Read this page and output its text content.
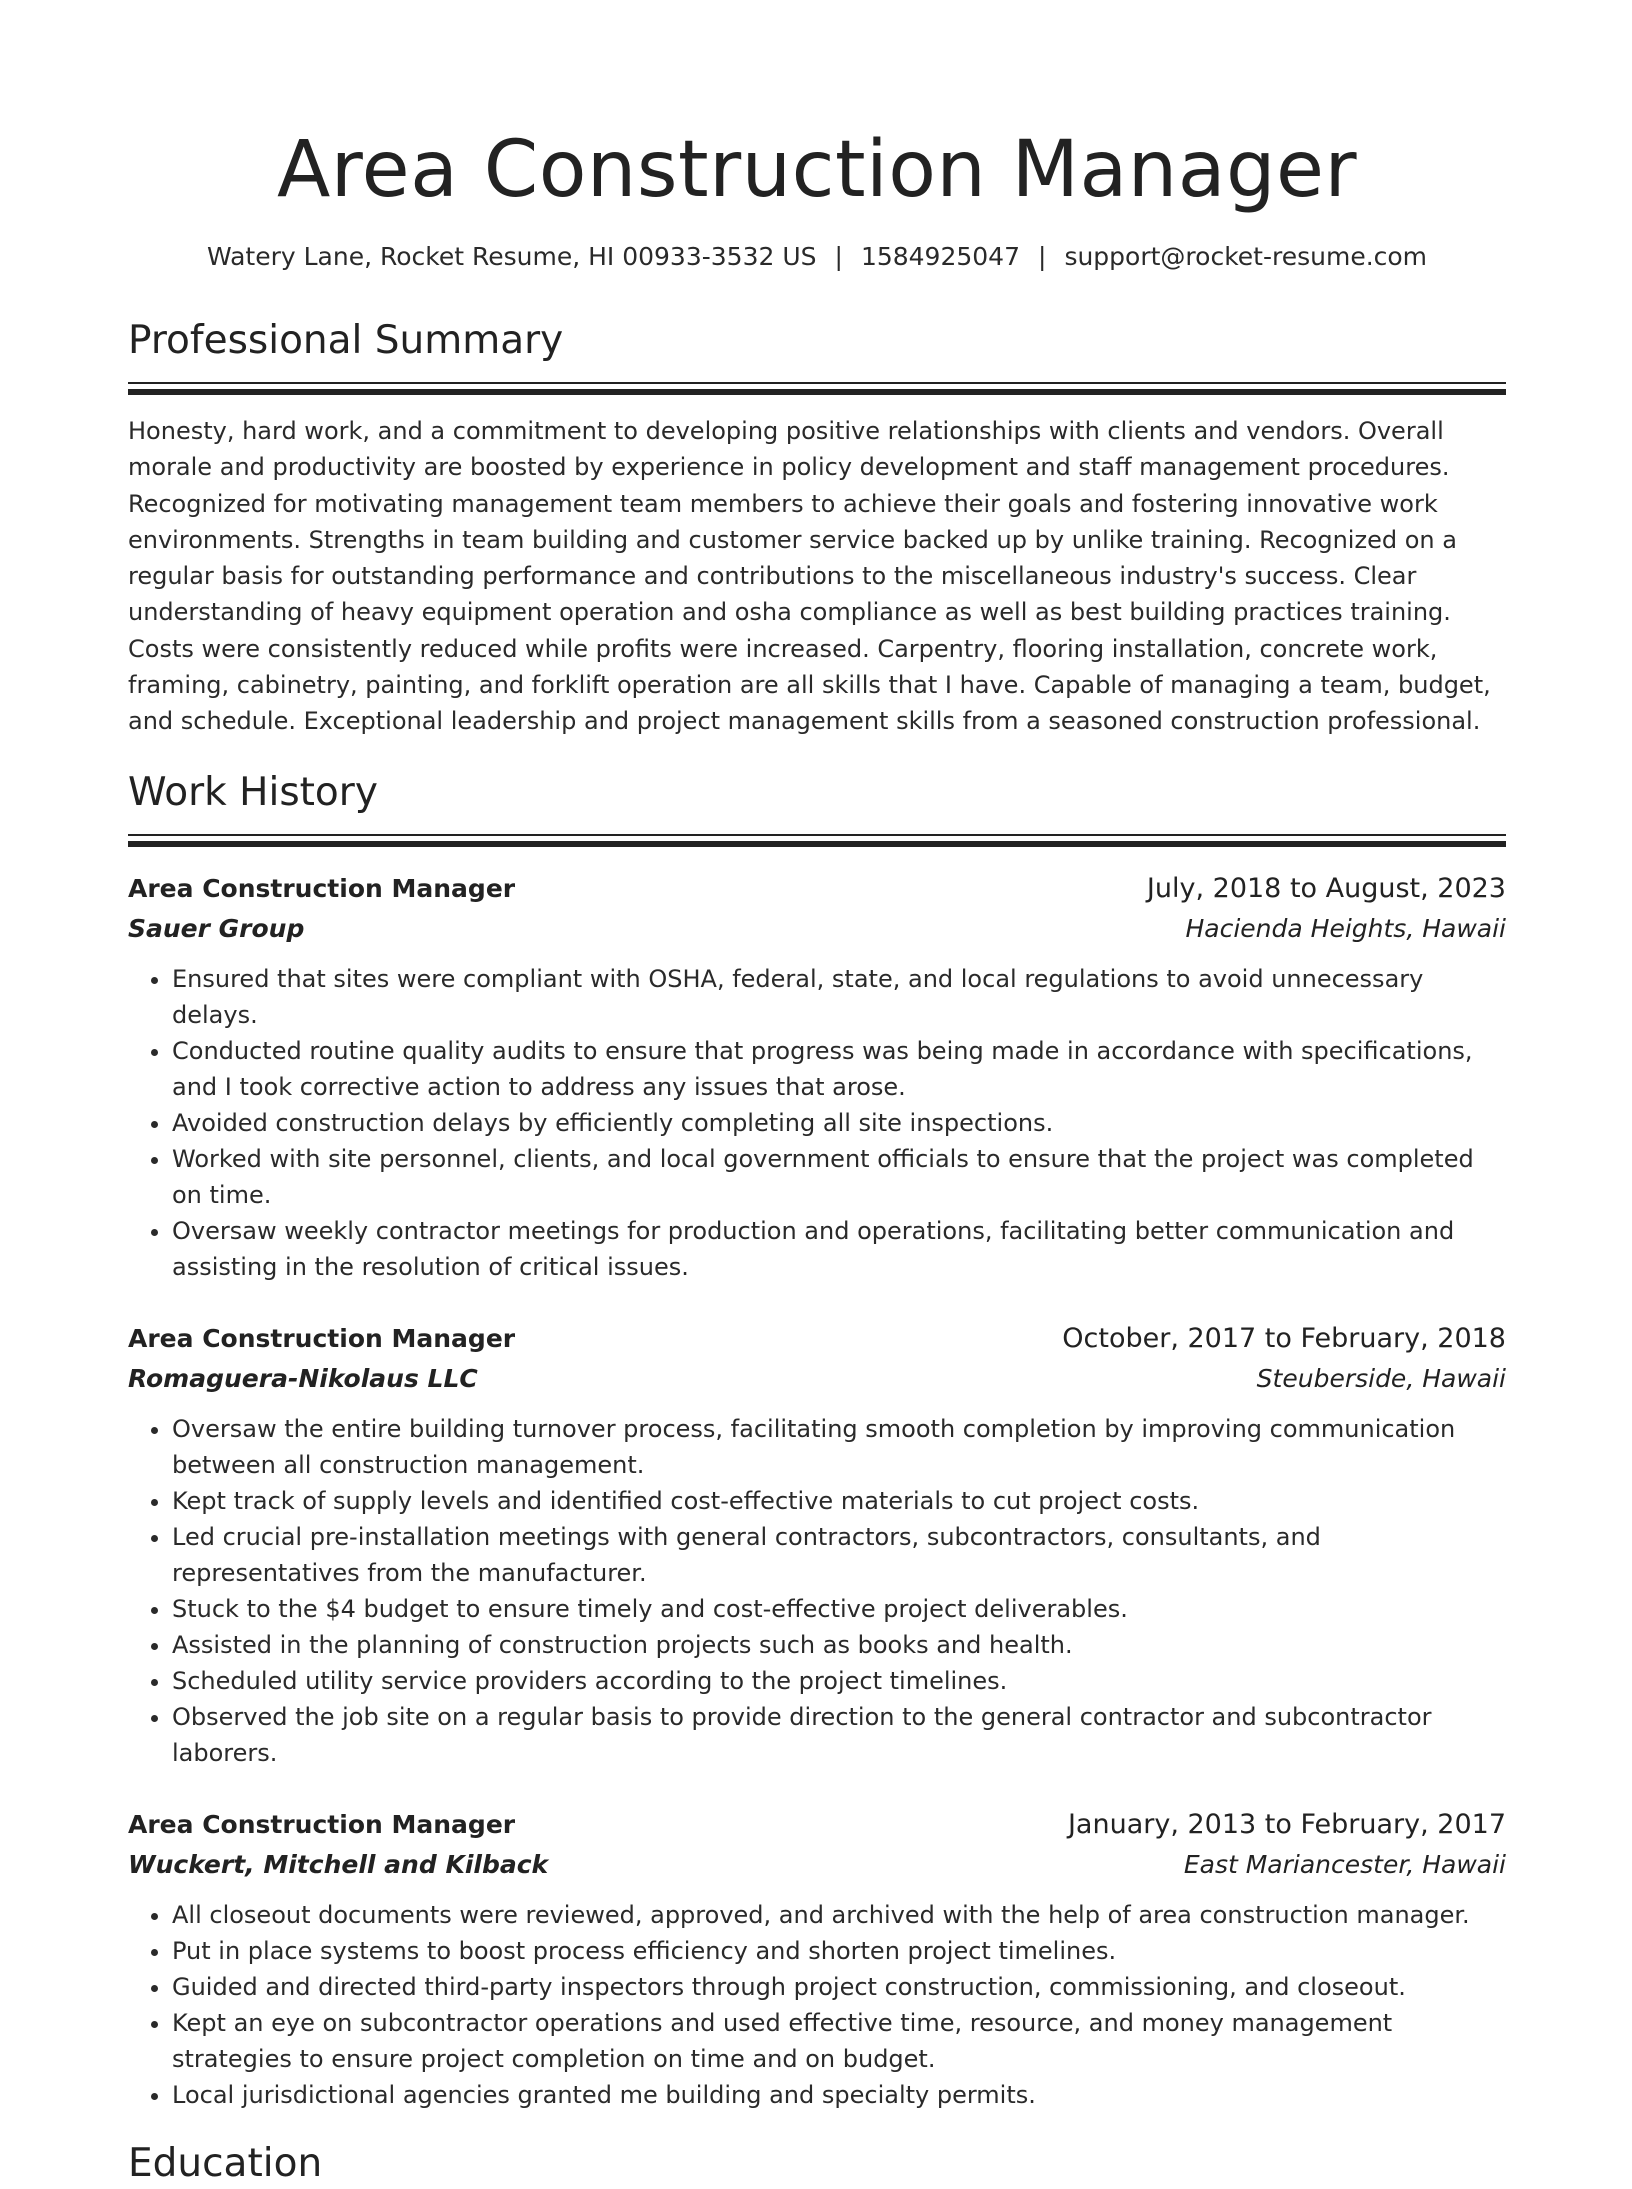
Area Construction Manager
Watery Lane, Rocket Resume, HI 00933-3532 US | 1584925047 | support@rocket-resume.com
Professional Summary

Honesty, hard work, and a commitment to developing positive relationships with clients and vendors. Overall morale and productivity are boosted by experience in policy development and staff management procedures. Recognized for motivating management team members to achieve their goals and fostering innovative work environments. Strengths in team building and customer service backed up by unlike training. Recognized on a regular basis for outstanding performance and contributions to the miscellaneous industry's success. Clear understanding of heavy equipment operation and osha compliance as well as best building practices training. Costs were consistently reduced while profits were increased. Carpentry, flooring installation, concrete work, framing, cabinetry, painting, and forklift operation are all skills that I have. Capable of managing a team, budget, and schedule. Exceptional leadership and project management skills from a seasoned construction professional.

Work History
Area Construction Manager	July, 2018 to August, 2023
Sauer Group	Hacienda Heights, Hawaii
• Ensured that sites were compliant with OSHA, federal, state, and local regulations to avoid unnecessary delays.
• Conducted routine quality audits to ensure that progress was being made in accordance with specifications, and I took corrective action to address any issues that arose.
• Avoided construction delays by efficiently completing all site inspections.
• Worked with site personnel, clients, and local government officials to ensure that the project was completed on time.
• Oversaw weekly contractor meetings for production and operations, facilitating better communication and assisting in the resolution of critical issues.
Area Construction Manager	October, 2017 to February, 2018
Romaguera-Nikolaus LLC	Steuberside, Hawaii
• Oversaw the entire building turnover process, facilitating smooth completion by improving communication between all construction management.
• Kept track of supply levels and identified cost-effective materials to cut project costs.
• Led crucial pre-installation meetings with general contractors, subcontractors, consultants, and representatives from the manufacturer.
• Stuck to the $4 budget to ensure timely and cost-effective project deliverables.
• Assisted in the planning of construction projects such as books and health.
• Scheduled utility service providers according to the project timelines.
• Observed the job site on a regular basis to provide direction to the general contractor and subcontractor laborers.
Area Construction Manager	January, 2013 to February, 2017
Wuckert, Mitchell and Kilback	East Mariancester, Hawaii
• All closeout documents were reviewed, approved, and archived with the help of area construction manager.
• Put in place systems to boost process efficiency and shorten project timelines.
• Guided and directed third-party inspectors through project construction, commissioning, and closeout.
• Kept an eye on subcontractor operations and used effective time, resource, and money management strategies to ensure project completion on time and on budget.
• Local jurisdictional agencies granted me building and specialty permits.
Education
